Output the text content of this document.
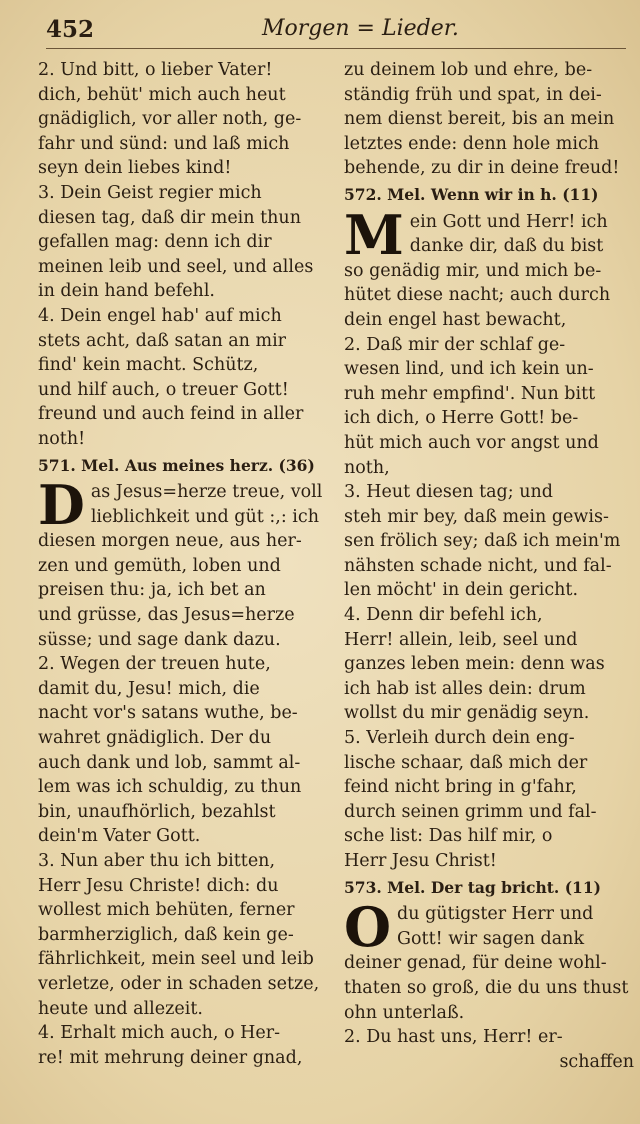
452	Morgen = Lieder.
2. Und bitt, o lieber Vater!
dich, behüt' mich auch heut
gnädiglich, vor aller noth, ge-
fahr und sünd: und laß mich
seyn dein liebes kind!
3. Dein Geist regier mich
diesen tag, daß dir mein thun
gefallen mag: denn ich dir
meinen leib und seel, und alles
in dein hand befehl.
4. Dein engel hab' auf mich
stets acht, daß satan an mir
find' kein macht. Schütz,
und hilf auch, o treuer Gott!
freund und auch feind in aller
noth!
571. Mel. Aus meines herz. (36)
D as Jesus=herze treue, voll
lieblichkeit und güt :,: ich
diesen morgen neue, aus her-
zen und gemüth, loben und
preisen thu: ja, ich bet an
und grüsse, das Jesus=herze
süsse; und sage dank dazu.
2. Wegen der treuen hute,
damit du, Jesu! mich, die
nacht vor's satans wuthe, be-
wahret gnädiglich. Der du
auch dank und lob, sammt al-
lem was ich schuldig, zu thun
bin, unaufhörlich, bezahlst
dein'm Vater Gott.
3. Nun aber thu ich bitten,
Herr Jesu Christe! dich: du
wollest mich behüten, ferner
barmherziglich, daß kein ge-
fährlichkeit, mein seel und leib
verletze, oder in schaden setze,
heute und allezeit.
4. Erhalt mich auch, o Her-
re! mit mehrung deiner gnad,
zu deinem lob und ehre, be-
ständig früh und spat, in dei-
nem dienst bereit, bis an mein
letztes ende: denn hole mich
behende, zu dir in deine freud!
572. Mel. Wenn wir in h. (11)
M ein Gott und Herr! ich
danke dir, daß du bist
so genädig mir, und mich be-
hütet diese nacht; auch durch
dein engel hast bewacht,
2. Daß mir der schlaf ge-
wesen lind, und ich kein un-
ruh mehr empfind'. Nun bitt
ich dich, o Herre Gott! be-
hüt mich auch vor angst und
noth,
3. Heut diesen tag; und
steh mir bey, daß mein gewis-
sen frölich sey; daß ich mein'm
nähsten schade nicht, und fal-
len möcht' in dein gericht.
4. Denn dir befehl ich,
Herr! allein, leib, seel und
ganzes leben mein: denn was
ich hab ist alles dein: drum
wollst du mir genädig seyn.
5. Verleih durch dein eng-
lische schaar, daß mich der
feind nicht bring in g'fahr,
durch seinen grimm und fal-
sche list: Das hilf mir, o
Herr Jesu Christ!
573. Mel. Der tag bricht. (11)
O du gütigster Herr und
Gott! wir sagen dank
deiner genad, für deine wohl-
thaten so groß, die du uns thust
ohn unterlaß.
2. Du hast uns, Herr! er-
schaffen
